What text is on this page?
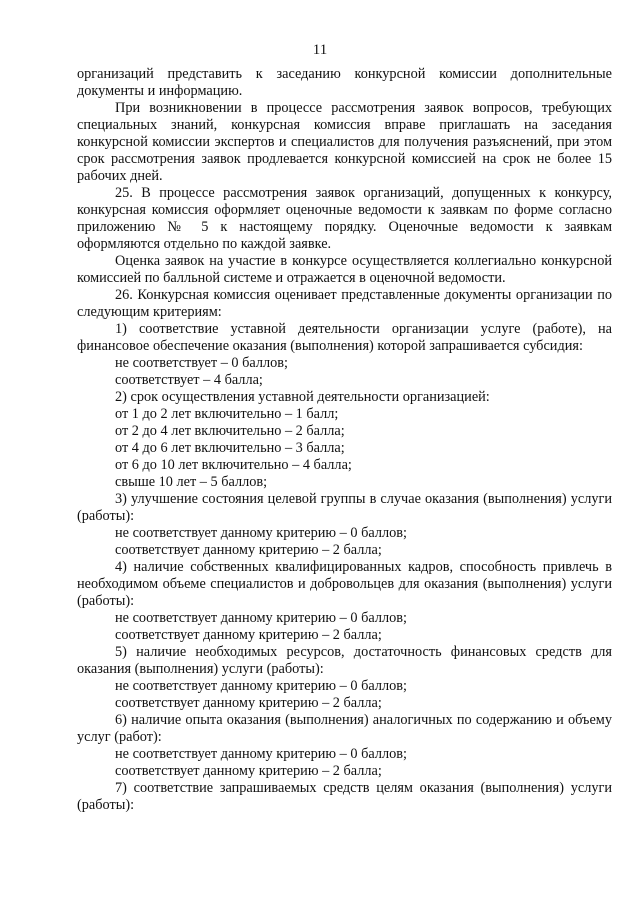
11

организаций представить к заседанию конкурсной комиссии дополнительные документы и информацию.

При возникновении в процессе рассмотрения заявок вопросов, требующих специальных знаний, конкурсная комиссия вправе приглашать на заседания конкурсной комиссии экспертов и специалистов для получения разъяснений, при этом срок рассмотрения заявок продлевается конкурсной комиссией на срок не более 15 рабочих дней.

25. В процессе рассмотрения заявок организаций, допущенных к конкурсу, конкурсная комиссия оформляет оценочные ведомости к заявкам по форме согласно приложению № 5 к настоящему порядку. Оценочные ведомости к заявкам оформляются отдельно по каждой заявке.

Оценка заявок на участие в конкурсе осуществляется коллегиально конкурсной комиссией по балльной системе и отражается в оценочной ведомости.

26. Конкурсная комиссия оценивает представленные документы организации по следующим критериям:

1) соответствие уставной деятельности организации услуге (работе), на финансовое обеспечение оказания (выполнения) которой запрашивается субсидия:

не соответствует – 0 баллов;

соответствует – 4 балла;

2) срок осуществления уставной деятельности организацией:

от 1 до 2 лет включительно – 1 балл;

от 2 до 4 лет включительно – 2 балла;

от 4 до 6 лет включительно – 3 балла;

от 6 до 10 лет включительно – 4 балла;

свыше 10 лет – 5 баллов;

3) улучшение состояния целевой группы в случае оказания (выполнения) услуги (работы):

не соответствует данному критерию – 0 баллов;

соответствует данному критерию – 2 балла;

4) наличие собственных квалифицированных кадров, способность привлечь в необходимом объеме специалистов и добровольцев для оказания (выполнения) услуги (работы):

не соответствует данному критерию – 0 баллов;

соответствует данному критерию – 2 балла;

5) наличие необходимых ресурсов, достаточность финансовых средств для оказания (выполнения) услуги (работы):

не соответствует данному критерию – 0 баллов;

соответствует данному критерию – 2 балла;

6) наличие опыта оказания (выполнения) аналогичных по содержанию и объему услуг (работ):

не соответствует данному критерию – 0 баллов;

соответствует данному критерию – 2 балла;

7) соответствие запрашиваемых средств целям оказания (выполнения) услуги (работы):
